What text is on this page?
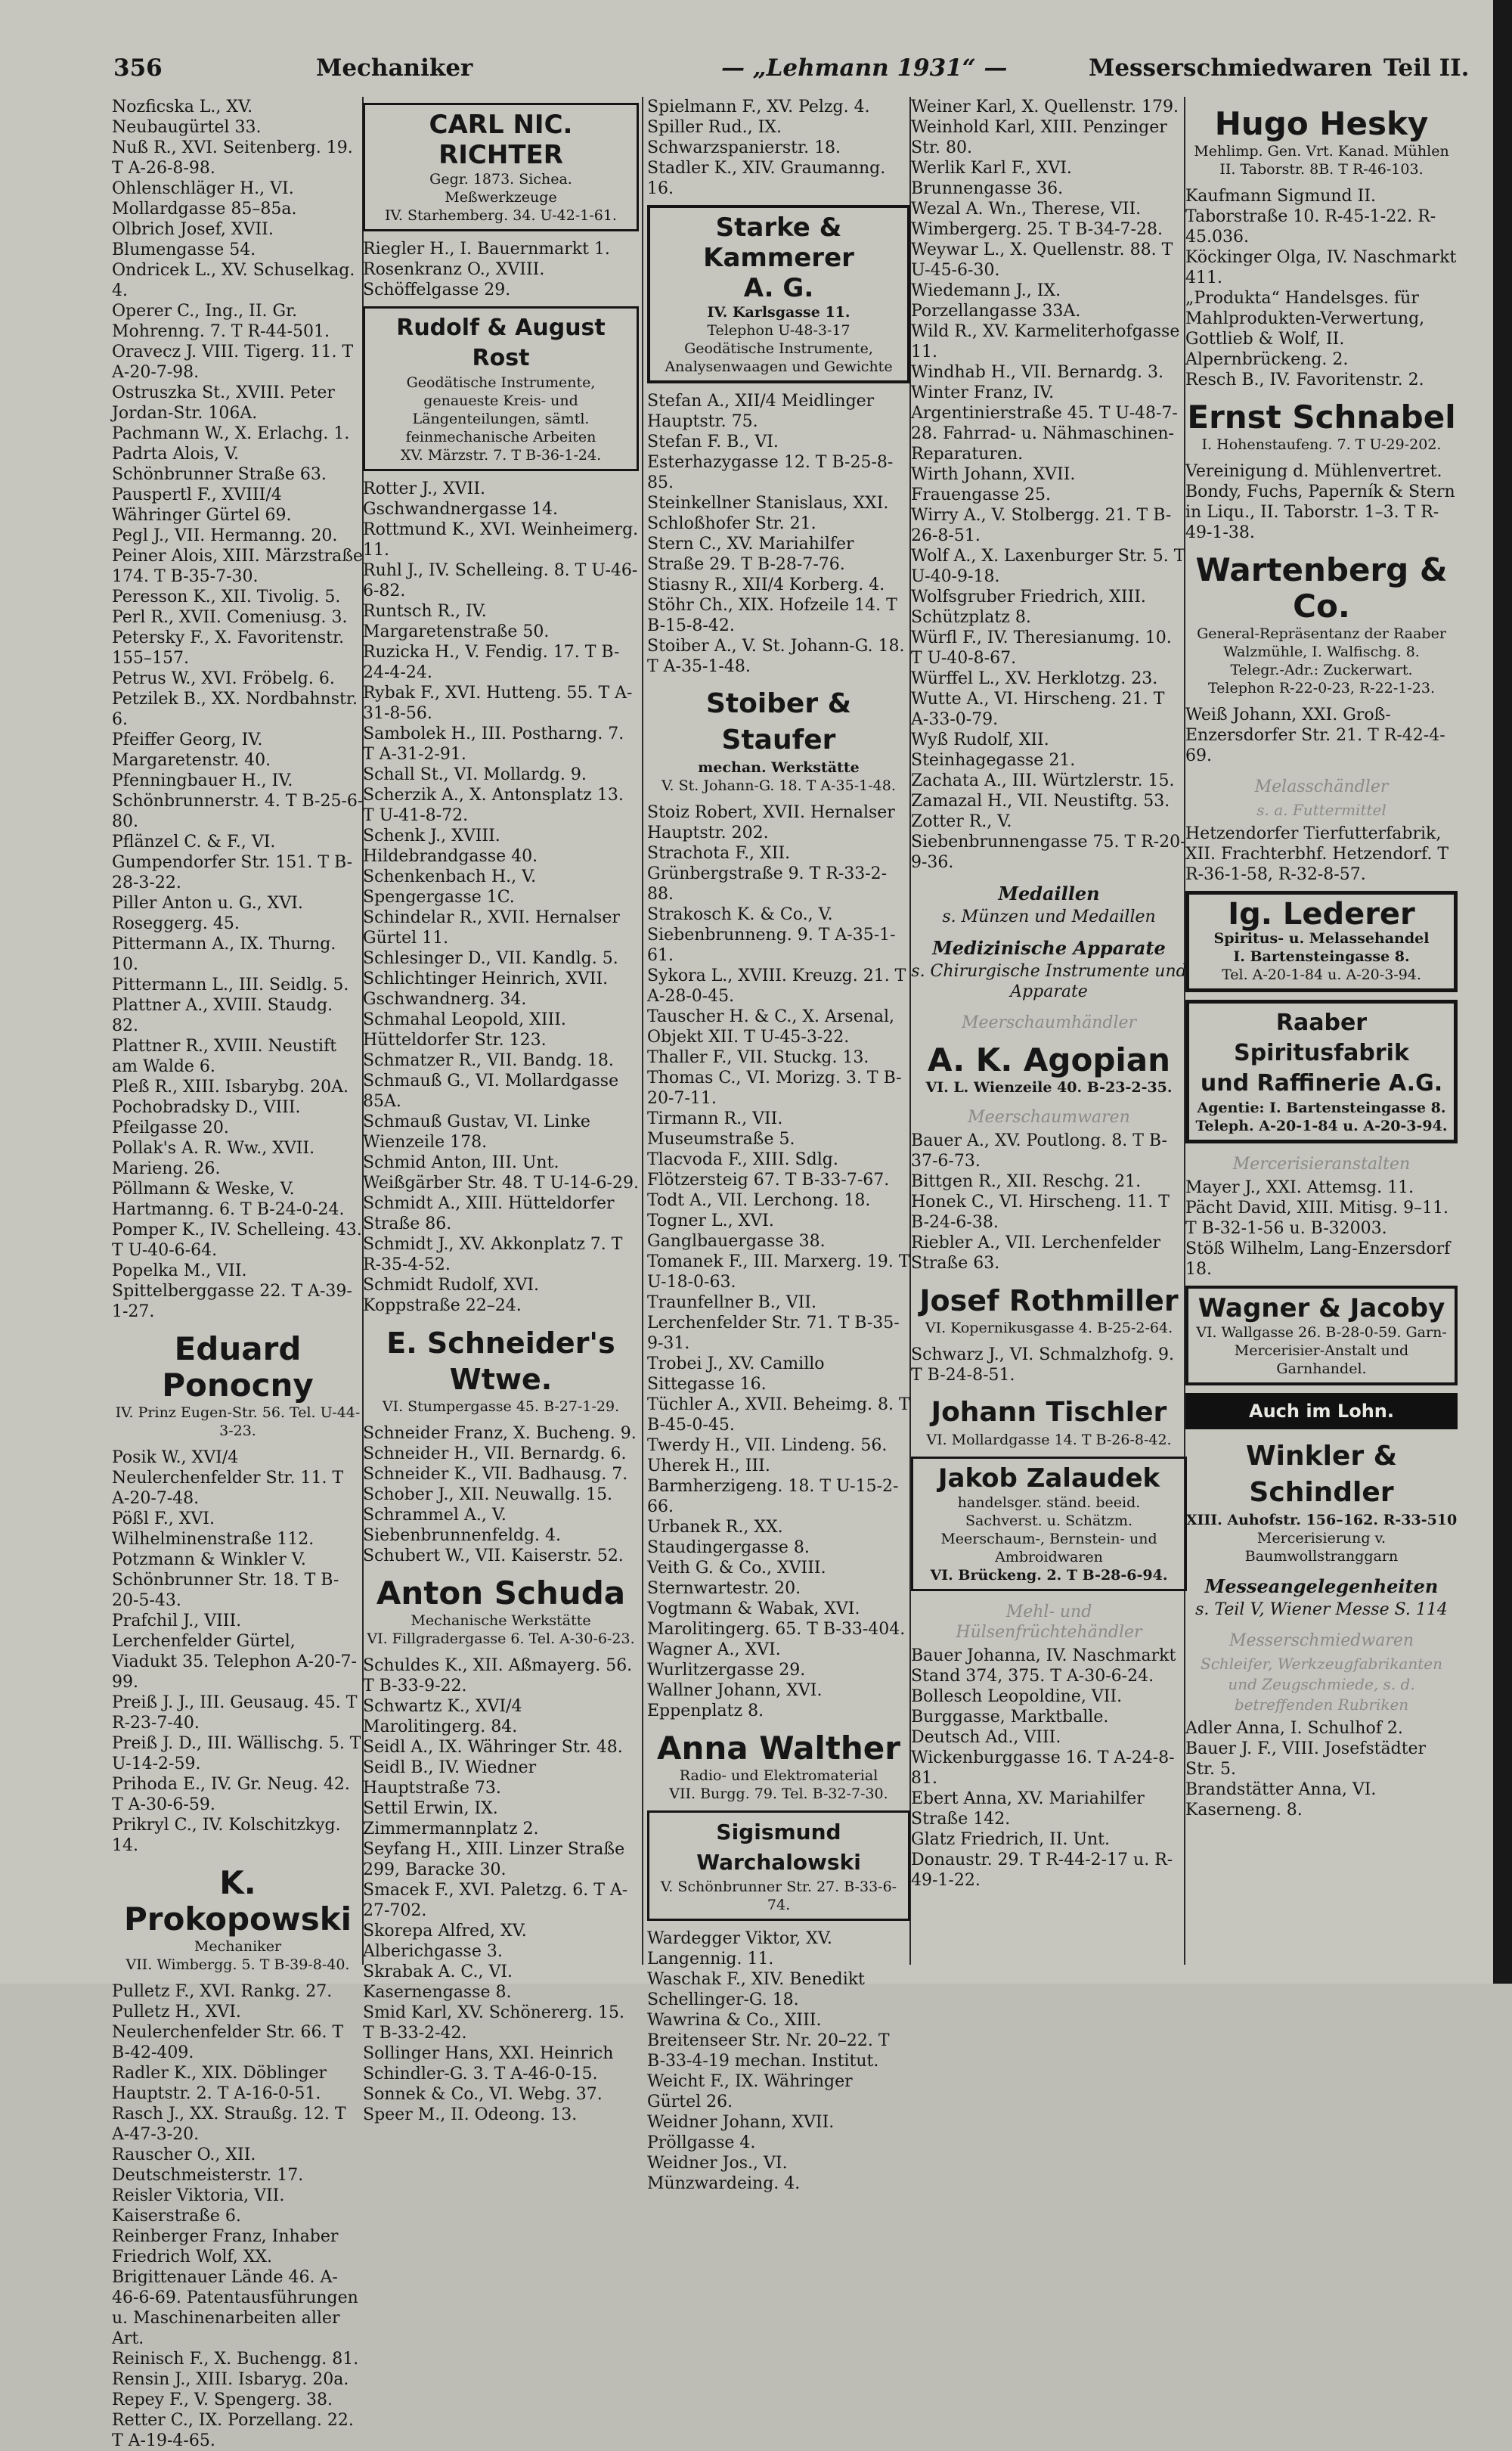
356	Mechaniker	— „Lehmann 1931“ —	Messerschmiedwaren Teil II.

Nozficska L., XV. Neubaugürtel 33.

Nuß R., XVI. Seitenberg. 19. T A-26-8-98.

Ohlenschläger H., VI. Mollardgasse 85–85a.

Olbrich Josef, XVII. Blumengasse 54.

Ondricek L., XV. Schuselkag. 4.

Operer C., Ing., II. Gr. Mohrenng. 7. T R-44-501.

Oravecz J. VIII. Tigerg. 11. T A-20-7-98.

Ostruszka St., XVIII. Peter Jordan-Str. 106A.

Pachmann W., X. Erlachg. 1.

Padrta Alois, V. Schönbrunner Straße 63.

Pauspertl F., XVIII/4 Währinger Gürtel 69.

Pegl J., VII. Hermanng. 20.

Peiner Alois, XIII. Märzstraße 174. T B-35-7-30.

Peresson K., XII. Tivolig. 5.

Perl R., XVII. Comeniusg. 3.

Petersky F., X. Favoritenstr. 155–157.

Petrus W., XVI. Fröbelg. 6.

Petzilek B., XX. Nordbahnstr. 6.

Pfeiffer Georg, IV. Margaretenstr. 40.

Pfenningbauer H., IV. Schönbrunnerstr. 4. T B-25-6-80.

Pflänzel C. & F., VI. Gumpendorfer Str. 151. T B-28-3-22.

Piller Anton u. G., XVI. Roseggerg. 45.

Pittermann A., IX. Thurng. 10.

Pittermann L., III. Seidlg. 5.

Plattner A., XVIII. Staudg. 82.

Plattner R., XVIII. Neustift am Walde 6.

Pleß R., XIII. Isbarybg. 20A.

Pochobradsky D., VIII. Pfeilgasse 20.

Pollak's A. R. Ww., XVII. Marieng. 26.

Pöllmann & Weske, V. Hartmanng. 6. T B-24-0-24.

Pomper K., IV. Schelleing. 43. T U-40-6-64.

Popelka M., VII. Spittelberggasse 22. T A-39-1-27.

Eduard Ponocny
IV. Prinz Eugen-Str. 56. Tel. U-44-3-23.

Posik W., XVI/4 Neulerchenfelder Str. 11. T A-20-7-48.

Pößl F., XVI. Wilhelminenstraße 112.

Potzmann & Winkler V. Schönbrunner Str. 18. T B-20-5-43.

Prafchil J., VIII. Lerchenfelder Gürtel, Viadukt 35. Telephon A-20-7-99.

Preiß J. J., III. Geusaug. 45. T R-23-7-40.

Preiß J. D., III. Wällischg. 5. T U-14-2-59.

Prihoda E., IV. Gr. Neug. 42. T A-30-6-59.

Prikryl C., IV. Kolschitzkyg. 14.

K. Prokopowski
Mechaniker
VII. Wimbergg. 5. T B-39-8-40.

Pulletz F., XVI. Rankg. 27.

Pulletz H., XVI. Neulerchenfelder Str. 66. T B-42-409.

Radler K., XIX. Döblinger Hauptstr. 2. T A-16-0-51.

Rasch J., XX. Straußg. 12. T A-47-3-20.

Rauscher O., XII. Deutschmeisterstr. 17.

Reisler Viktoria, VII. Kaiserstraße 6.

Reinberger Franz, Inhaber Friedrich Wolf, XX. Brigittenauer Lände 46. A-46-6-69. Patentausführungen u. Maschinenarbeiten aller Art.

Reinisch F., X. Buchengg. 81.

Rensin J., XIII. Isbaryg. 20a.

Repey F., V. Spengerg. 38.

Retter C., IX. Porzellang. 22. T A-19-4-65.

CARL NIC. RICHTER
Gegr. 1873. Sichea. Meßwerkzeuge
IV. Starhemberg. 34. U-42-1-61.

Riegler H., I. Bauernmarkt 1.

Rosenkranz O., XVIII. Schöffelgasse 29.

Rudolf & August Rost
Geodätische Instrumente, genaueste Kreis- und Längenteilungen, sämtl. feinmechanische Arbeiten
XV. Märzstr. 7. T B-36-1-24.

Rotter J., XVII. Gschwandnergasse 14.

Rottmund K., XVI. Weinheimerg. 11.

Ruhl J., IV. Schelleing. 8. T U-46-6-82.

Runtsch R., IV. Margaretenstraße 50.

Ruzicka H., V. Fendig. 17. T B-24-4-24.

Rybak F., XVI. Hutteng. 55. T A-31-8-56.

Sambolek H., III. Postharng. 7. T A-31-2-91.

Schall St., VI. Mollardg. 9.

Scherzik A., X. Antonsplatz 13. T U-41-8-72.

Schenk J., XVIII. Hildebrandgasse 40.

Schenkenbach H., V. Spengergasse 1C.

Schindelar R., XVII. Hernalser Gürtel 11.

Schlesinger D., VII. Kandlg. 5.

Schlichtinger Heinrich, XVII. Gschwandnerg. 34.

Schmahal Leopold, XIII. Hütteldorfer Str. 123.

Schmatzer R., VII. Bandg. 18.

Schmauß G., VI. Mollardgasse 85A.

Schmauß Gustav, VI. Linke Wienzeile 178.

Schmid Anton, III. Unt. Weißgärber Str. 48. T U-14-6-29.

Schmidt A., XIII. Hütteldorfer Straße 86.

Schmidt J., XV. Akkonplatz 7. T R-35-4-52.

Schmidt Rudolf, XVI. Koppstraße 22–24.

E. Schneider's Wtwe.
VI. Stumpergasse 45. B-27-1-29.

Schneider Franz, X. Bucheng. 9.

Schneider H., VII. Bernardg. 6.

Schneider K., VII. Badhausg. 7.

Schober J., XII. Neuwallg. 15.

Schrammel A., V. Siebenbrunnenfeldg. 4.

Schubert W., VII. Kaiserstr. 52.

Anton Schuda
Mechanische Werkstätte
VI. Fillgradergasse 6. Tel. A-30-6-23.

Schuldes K., XII. Aßmayerg. 56. T B-33-9-22.

Schwartz K., XVI/4 Marolitingerg. 84.

Seidl A., IX. Währinger Str. 48.

Seidl B., IV. Wiedner Hauptstraße 73.

Settil Erwin, IX. Zimmermannplatz 2.

Seyfang H., XIII. Linzer Straße 299, Baracke 30.

Smacek F., XVI. Paletzg. 6. T A-27-702.

Skorepa Alfred, XV. Alberichgasse 3.

Skrabak A. C., VI. Kasernengasse 8.

Smid Karl, XV. Schönererg. 15. T B-33-2-42.

Sollinger Hans, XXI. Heinrich Schindler-G. 3. T A-46-0-15.

Sonnek & Co., VI. Webg. 37.

Speer M., II. Odeong. 13.

Spielmann F., XV. Pelzg. 4.

Spiller Rud., IX. Schwarzspanierstr. 18.

Stadler K., XIV. Graumanng. 16.

Starke & Kammerer
A. G.
IV. Karlsgasse 11.
Telephon U-48-3-17
Geodätische Instrumente, Analysenwaagen und Gewichte

Stefan A., XII/4 Meidlinger Hauptstr. 75.

Stefan F. B., VI. Esterhazygasse 12. T B-25-8-85.

Steinkellner Stanislaus, XXI. Schloßhofer Str. 21.

Stern C., XV. Mariahilfer Straße 29. T B-28-7-76.

Stiasny R., XII/4 Korberg. 4.

Stöhr Ch., XIX. Hofzeile 14. T B-15-8-42.

Stoiber A., V. St. Johann-G. 18. T A-35-1-48.

Stoiber & Staufer
mechan. Werkstätte
V. St. Johann-G. 18. T A-35-1-48.

Stoiz Robert, XVII. Hernalser Hauptstr. 202.

Strachota F., XII. Grünbergstraße 9. T R-33-2-88.

Strakosch K. & Co., V. Siebenbrunneng. 9. T A-35-1-61.

Sykora L., XVIII. Kreuzg. 21. T A-28-0-45.

Tauscher H. & C., X. Arsenal, Objekt XII. T U-45-3-22.

Thaller F., VII. Stuckg. 13.

Thomas C., VI. Morizg. 3. T B-20-7-11.

Tirmann R., VII. Museumstraße 5.

Tlacvoda F., XIII. Sdlg. Flötzersteig 67. T B-33-7-67.

Todt A., VII. Lerchong. 18.

Togner L., XVI. Ganglbauergasse 38.

Tomanek F., III. Marxerg. 19. T U-18-0-63.

Traunfellner B., VII. Lerchenfelder Str. 71. T B-35-9-31.

Trobei J., XV. Camillo Sittegasse 16.

Tüchler A., XVII. Beheimg. 8. T B-45-0-45.

Twerdy H., VII. Lindeng. 56.

Uherek H., III. Barmherzigeng. 18. T U-15-2-66.

Urbanek R., XX. Staudingergasse 8.

Veith G. & Co., XVIII. Sternwartestr. 20.

Vogtmann & Wabak, XVI. Marolitingerg. 65. T B-33-404.

Wagner A., XVI. Wurlitzergasse 29.

Wallner Johann, XVI. Eppenplatz 8.

Anna Walther
Radio- und Elektromaterial
VII. Burgg. 79. Tel. B-32-7-30.
Sigismund Warchalowski
V. Schönbrunner Str. 27. B-33-6-74.

Wardegger Viktor, XV. Langennig. 11.

Waschak F., XIV. Benedikt Schellinger-G. 18.

Wawrina & Co., XIII. Breitenseer Str. Nr. 20–22. T B-33-4-19 mechan. Institut.

Weicht F., IX. Währinger Gürtel 26.

Weidner Johann, XVII. Pröllgasse 4.

Weidner Jos., VI. Münzwardeing. 4.

Weiner Karl, X. Quellenstr. 179.

Weinhold Karl, XIII. Penzinger Str. 80.

Werlik Karl F., XVI. Brunnengasse 36.

Wezal A. Wn., Therese, VII. Wimbergerg. 25. T B-34-7-28.

Weywar L., X. Quellenstr. 88. T U-45-6-30.

Wiedemann J., IX. Porzellangasse 33A.

Wild R., XV. Karmeliterhofgasse 11.

Windhab H., VII. Bernardg. 3.

Winter Franz, IV. Argentinierstraße 45. T U-48-7-28. Fahrrad- u. Nähmaschinen-Reparaturen.

Wirth Johann, XVII. Frauengasse 25.

Wirry A., V. Stolbergg. 21. T B-26-8-51.

Wolf A., X. Laxenburger Str. 5. T U-40-9-18.

Wolfsgruber Friedrich, XIII. Schützplatz 8.

Würfl F., IV. Theresianumg. 10. T U-40-8-67.

Würffel L., XV. Herklotzg. 23.

Wutte A., VI. Hirscheng. 21. T A-33-0-79.

Wyß Rudolf, XII. Steinhagegasse 21.

Zachata A., III. Würtzlerstr. 15.

Zamazal H., VII. Neustiftg. 53.

Zotter R., V. Siebenbrunnengasse 75. T R-20-9-36.

Medaillen
s. Münzen und Medaillen
Medizinische Apparate
s. Chirurgische Instrumente und Apparate
Meerschaumhändler
A. K. Agopian
VI. L. Wienzeile 40. B-23-2-35.
Meerschaumwaren

Bauer A., XV. Poutlong. 8. T B-37-6-73.

Bittgen R., XII. Reschg. 21.

Honek C., VI. Hirscheng. 11. T B-24-6-38.

Riebler A., VII. Lerchenfelder Straße 63.

Josef Rothmiller
VI. Kopernikusgasse 4. B-25-2-64.

Schwarz J., VI. Schmalzhofg. 9. T B-24-8-51.

Johann Tischler
VI. Mollardgasse 14. T B-26-8-42.
Jakob Zalaudek
handelsger. ständ. beeid. Sachverst. u. Schätzm. Meerschaum-, Bernstein- und Ambroidwaren
VI. Brückeng. 2. T B-28-6-94.
Mehl- und Hülsenfrüchtehändler

Bauer Johanna, IV. Naschmarkt Stand 374, 375. T A-30-6-24.

Bollesch Leopoldine, VII. Burggasse, Marktballe.

Deutsch Ad., VIII. Wickenburggasse 16. T A-24-8-81.

Ebert Anna, XV. Mariahilfer Straße 142.

Glatz Friedrich, II. Unt. Donaustr. 29. T R-44-2-17 u. R-49-1-22.

Hugo Hesky
Mehlimp. Gen. Vrt. Kanad. Mühlen
II. Taborstr. 8B. T R-46-103.

Kaufmann Sigmund II. Taborstraße 10. R-45-1-22. R-45.036.

Köckinger Olga, IV. Naschmarkt 411.

„Produkta“ Handelsges. für Mahlprodukten-Verwertung, Gottlieb & Wolf, II. Alpernbrückeng. 2.

Resch B., IV. Favoritenstr. 2.

Ernst Schnabel
I. Hohenstaufeng. 7. T U-29-202.

Vereinigung d. Mühlenvertret. Bondy, Fuchs, Paperník & Stern in Liqu., II. Taborstr. 1–3. T R-49-1-38.

Wartenberg & Co.
General-Repräsentanz der Raaber Walzmühle, I. Walfischg. 8.
Telegr.-Adr.: Zuckerwart.
Telephon R-22-0-23, R-22-1-23.

Weiß Johann, XXI. Groß-Enzersdorfer Str. 21. T R-42-4-69.

Melasschändler
s. a. Futtermittel

Hetzendorfer Tierfutterfabrik, XII. Frachterbhf. Hetzendorf. T R-36-1-58, R-32-8-57.

Ig. Lederer
Spiritus- u. Melassehandel
I. Bartensteingasse 8.
Tel. A-20-1-84 u. A-20-3-94.
Raaber Spiritusfabrik
und Raffinerie A.G.
Agentie: I. Bartensteingasse 8.
Teleph. A-20-1-84 u. A-20-3-94.
Mercerisieranstalten

Mayer J., XXI. Attemsg. 11.

Pächt David, XIII. Mitisg. 9–11. T B-32-1-56 u. B-32003.

Stöß Wilhelm, Lang-Enzersdorf 18.

Wagner & Jacoby
VI. Wallgasse 26. B-28-0-59. Garn-Mercerisier-Anstalt und Garnhandel.
Auch im Lohn.
Winkler & Schindler
XIII. Auhofstr. 156–162. R-33-510
Mercerisierung v. Baumwollstranggarn
Messeangelegenheiten
s. Teil V, Wiener Messe S. 114
Messerschmiedwaren
Schleifer, Werkzeugfabrikanten und Zeugschmiede, s. d. betreffenden Rubriken

Adler Anna, I. Schulhof 2.

Bauer J. F., VIII. Josefstädter Str. 5.

Brandstätter Anna, VI. Kaserneng. 8.
